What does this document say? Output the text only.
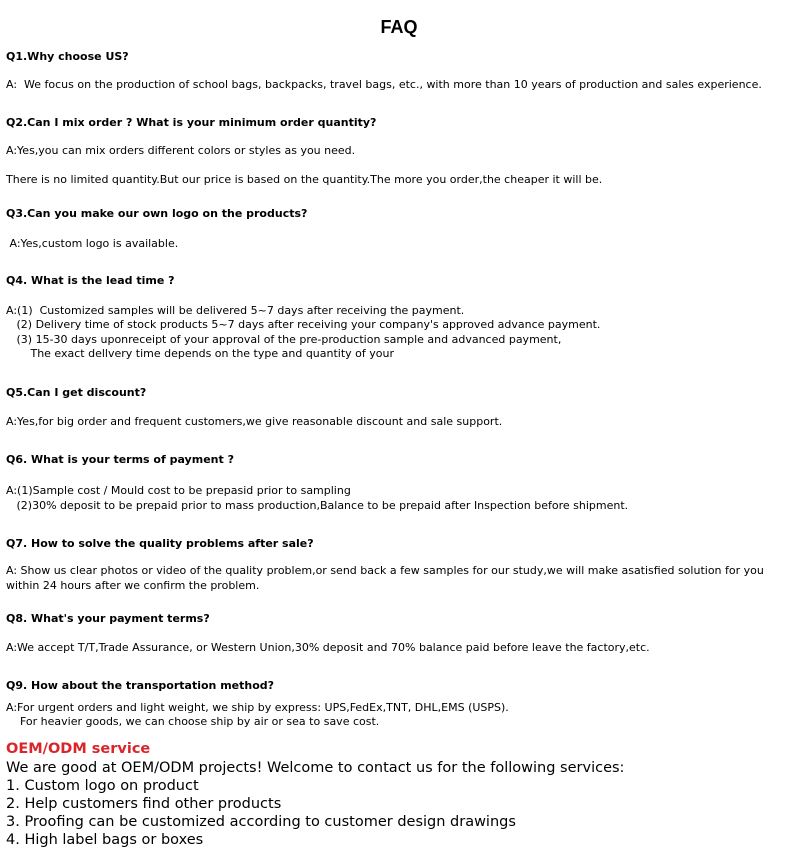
FAQ
Q1.Why choose US?
A:  We focus on the production of school bags, backpacks, travel bags, etc., with more than 10 years of production and sales experience.
Q2.Can I mix order ? What is your minimum order quantity?
A:Yes,you can mix orders different colors or styles as you need.
There is no limited quantity.But our price is based on the quantity.The more you order,the cheaper it will be.
Q3.Can you make our own logo on the products?
A:Yes,custom logo is available.
Q4. What is the lead time ?
A:(1)  Customized samples will be delivered 5~7 days after receiving the payment.
(2) Delivery time of stock products 5~7 days after receiving your company's approved advance payment.
(3) 15-30 days uponreceipt of your approval of the pre-production sample and advanced payment,
The exact dellvery time depends on the type and quantity of your
Q5.Can I get discount?
A:Yes,for big order and frequent customers,we give reasonable discount and sale support.
Q6. What is your terms of payment ?
A:(1)Sample cost / Mould cost to be prepasid prior to sampling
(2)30% deposit to be prepaid prior to mass production,Balance to be prepaid after Inspection before shipment.
Q7. How to solve the quality problems after sale?
A: Show us clear photos or video of the quality problem,or send back a few samples for our study,we will make asatisfied solution for you within 24 hours after we confirm the problem.
Q8. What's your payment terms?
A:We accept T/T,Trade Assurance, or Western Union,30% deposit and 70% balance paid before leave the factory,etc.
Q9. How about the transportation method?
A:For urgent orders and light weight, we ship by express: UPS,FedEx,TNT, DHL,EMS (USPS).
For heavier goods, we can choose ship by air or sea to save cost.
OEM/ODM service
We are good at OEM/ODM projects! Welcome to contact us for the following services:
1. Custom logo on product
2. Help customers find other products
3. Proofing can be customized according to customer design drawings
4. High label bags or boxes
